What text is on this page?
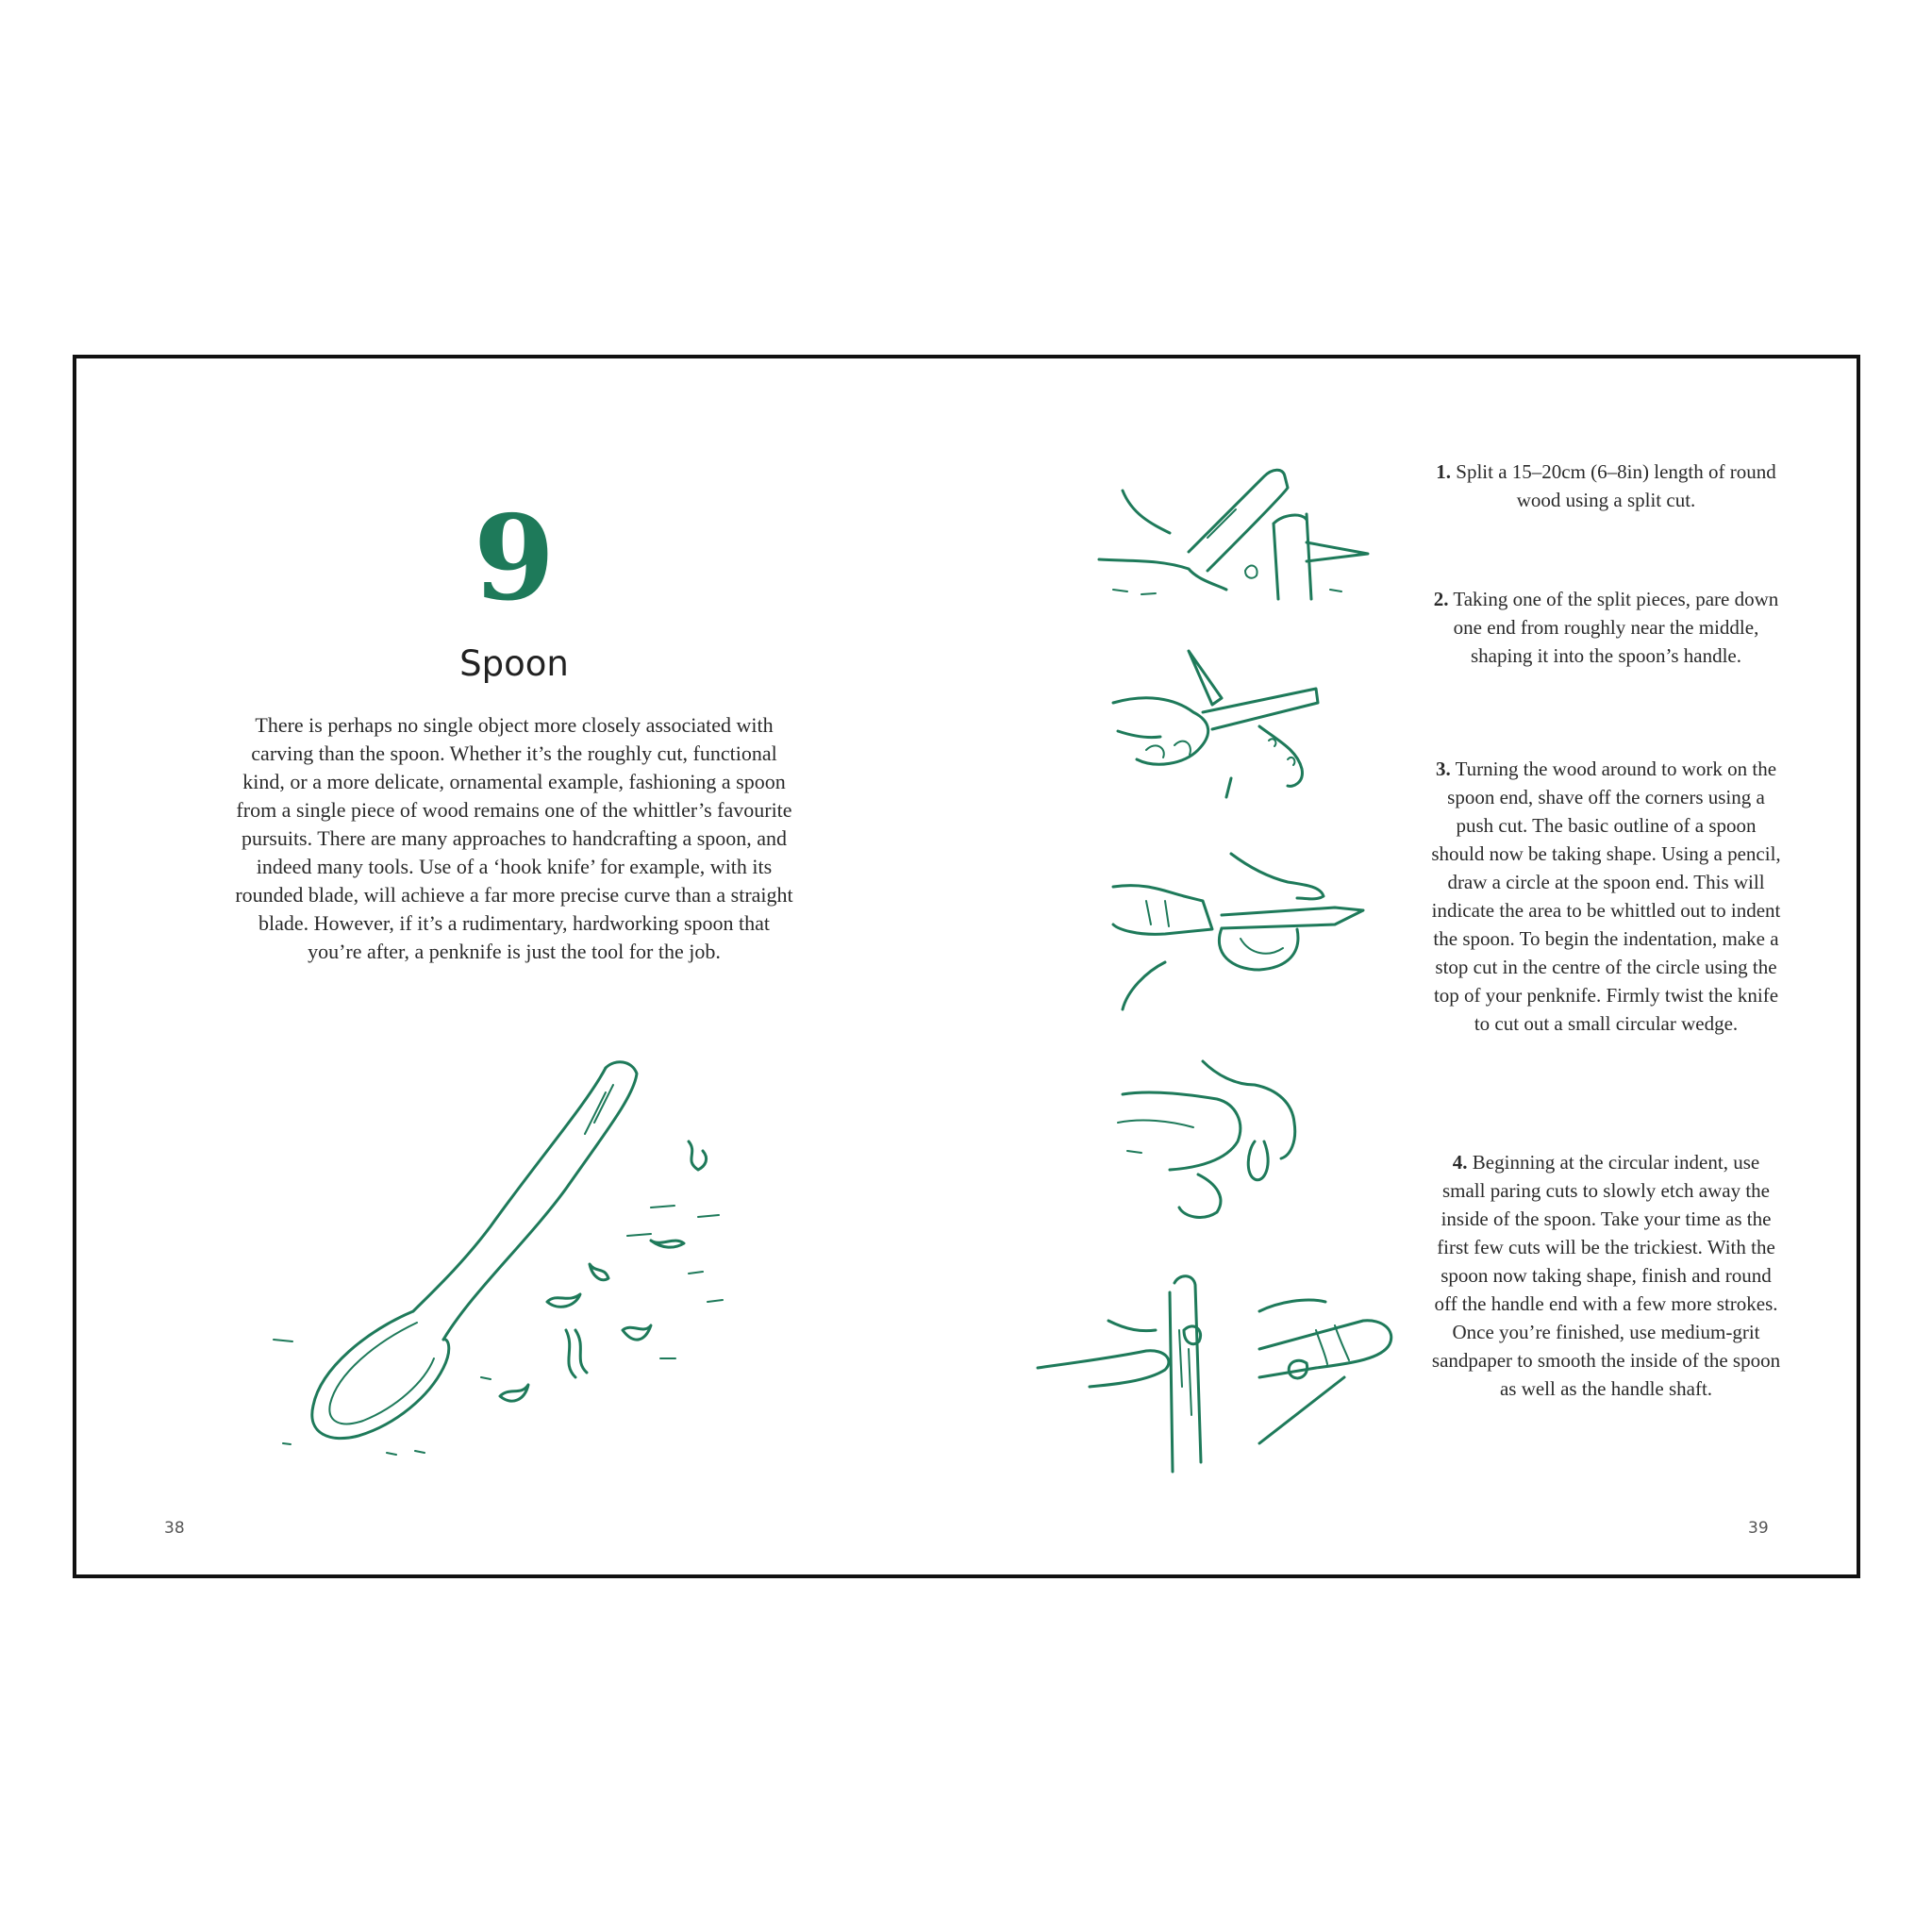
9
Spoon
There is perhaps no single object more closely associated with carving than the spoon. Whether it’s the roughly cut, functional kind, or a more delicate, ornamental example, fashioning a spoon from a single piece of wood remains one of the whittler’s favourite pursuits. There are many approaches to handcrafting a spoon, and indeed many tools. Use of a ‘hook knife’ for example, with its rounded blade, will achieve a far more precise curve than a straight blade. However, if it’s a rudimentary, hardworking spoon that you’re after, a penknife is just the tool for the job.
1. Split a 15–20cm (6–8in) length of round wood using a split cut.
2. Taking one of the split pieces, pare down one end from roughly near the middle, shaping it into the spoon’s handle.
3. Turning the wood around to work on the spoon end, shave off the corners using a push cut. The basic outline of a spoon should now be taking shape. Using a pencil, draw a circle at the spoon end. This will indicate the area to be whittled out to indent the spoon. To begin the indentation, make a stop cut in the centre of the circle using the top of your penknife. Firmly twist the knife to cut out a small circular wedge.
4. Beginning at the circular indent, use small paring cuts to slowly etch away the inside of the spoon. Take your time as the first few cuts will be the trickiest. With the spoon now taking shape, finish and round off the handle end with a few more strokes. Once you’re finished, use medium-grit sandpaper to smooth the inside of the spoon as well as the handle shaft.
38	39
